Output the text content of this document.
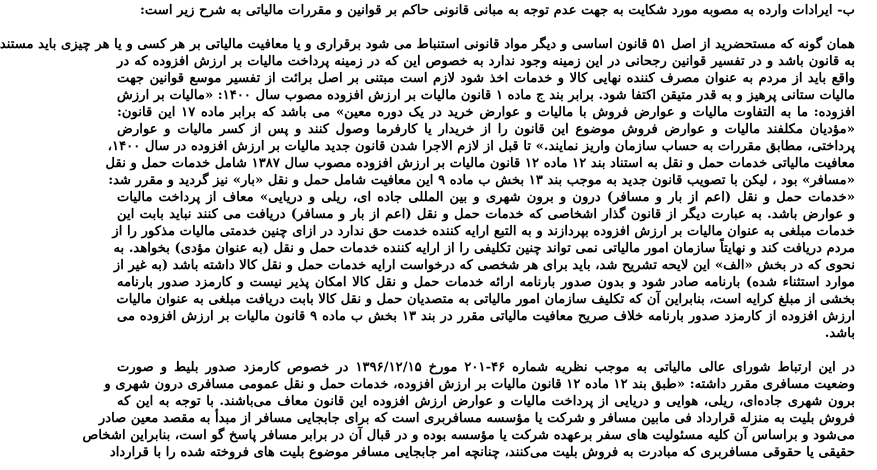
ب- ایرادات وارده به مصوبه مورد شکایت به جهت عدم توجه به مبانی قانونی حاکم بر قوانین و مقررات مالیاتی به شرح زیر است:
همان گونه که مستحضرید از اصل ۵۱ قانون اساسی و دیگر مواد قانونی استنباط می شود برقراری و یا معافیت مالیاتی بر هر کسی و یا هر چیزی باید مستند
به قانون باشد و در تفسیر قوانین رجحانی در این زمینه وجود ندارد به خصوص این که در زمینه پرداخت مالیات بر ارزش افزوده که در
واقع باید از مردم به عنوان مصرف کننده نهایی کالا و خدمات اخذ شود لازم است مبتنی بر اصل برائت از تفسیر موسع قوانین جهت
مالیات ستانی پرهیز و به قدر متیقن اکتفا شود. برابر بند ج ماده ۱ قانون مالیات بر ارزش افزوده مصوب سال ۱۴۰۰: «مالیات بر ارزش
افزوده: ما به التفاوت مالیات و عوارض فروش با مالیات و عوارض خرید در یک دوره معین» می باشد که برابر ماده ۱۷ این قانون:
«مؤدیان مکلفند مالیات و عوارض فروش موضوع این قانون را از خریدار یا کارفرما وصول کنند و پس از کسر مالیات و عوارض
پرداختی، مطابق مقررات به حساب سازمان واریز نمایند.» تا قبل از لازم الاجرا شدن قانون جدید مالیات بر ارزش افزوده در سال ۱۴۰۰،
معافیت مالیاتی خدمات حمل و نقل به استناد بند ۱۲ ماده ۱۲ قانون مالیات بر ارزش افزوده مصوب سال ۱۳۸۷ شامل خدمات حمل و نقل
«مسافر» بود ، لیکن با تصویب قانون جدید به موجب بند ۱۳ بخش ب ماده ۹ این معافیت شامل حمل و نقل «بار» نیز گردید و مقرر شد:
«خدمات حمل و نقل (اعم از بار و مسافر) درون و برون شهری و بین المللی جاده ای، ریلی و دریایی» معاف از پرداخت مالیات
و عوارض باشد. به عبارت دیگر از قانون گذار اشخاصی که خدمات حمل و نقل (اعم از بار و مسافر) دریافت می کنند نباید بابت این
خدمات مبلغی به عنوان مالیات بر ارزش افزوده بپردازند و به التبع ارایه کننده خدمت حق ندارد در ازای چنین خدمتی مالیات مذکور را از
مردم دریافت کند و نهایتاً سازمان امور مالیاتی نمی تواند چنین تکلیفی را از ارایه کننده خدمات حمل و نقل (به عنوان مؤدی) بخواهد. به
نحوی که در بخش «الف» این لایحه تشریح شد، باید برای هر شخصی که درخواست ارایه خدمات حمل و نقل کالا داشته باشد (به غیر از
موارد استثناء شده) بارنامه صادر شود و بدون صدور بارنامه ارائه خدمات حمل و نقل کالا امکان پذیر نیست و کارمزد صدور بارنامه
بخشی از مبلغ کرایه است، بنابراین آن که تکلیف سازمان امور مالیاتی به متصدیان حمل و نقل کالا بابت دریافت مبلغی به عنوان مالیات
ارزش افزوده از کارمزد صدور بارنامه خلاف صریح معافیت مالیاتی مقرر در بند ۱۳ بخش ب ماده ۹ قانون مالیات بر ارزش افزوده می
باشد.
در این ارتباط شورای عالی مالیاتی به موجب نظریه شماره ۴۶-۲۰۱ مورخ ۱۳۹۶/۱۲/۱۵ در خصوص کارمزد صدور بلیط و صورت
وضعیت مسافری مقرر داشته: «طبق بند ۱۲ ماده ۱۲ قانون مالیات بر ارزش افزوده، خدمات حمل و نقل عمومی مسافری درون شهری و
برون شهری جاده‌ای، ریلی، هوایی و دریایی از پرداخت مالیات و عوارض ارزش افزوده این قانون معاف می‌باشند. با توجه به این که
فروش بلیت به منزله قرارداد فی مابین مسافر و شرکت یا مؤسسه مسافربری است که برای جابجایی مسافر از مبدأ به مقصد معین صادر
می‌شود و براساس آن کلیه مسئولیت های سفر برعهده شرکت یا مؤسسه بوده و در قبال آن در برابر مسافر پاسخ گو است، بنابراین اشخاص
حقیقی یا حقوقی مسافربری که مبادرت به فروش بلیت می‌کنند، چنانچه امر جابجایی مسافر موضوع بلیت های فروخته شده را با قرارداد
